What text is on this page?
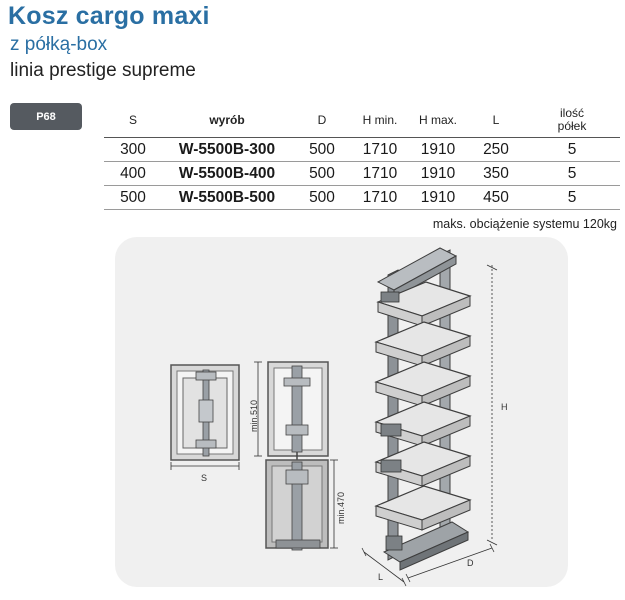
Kosz cargo maxi
z półką-box
linia prestige supreme
P68	S	wyrób	D	H min.	H max.	L	ilość
półek
300	W-5500B-300	500	1710	1910	250	5
400	W-5500B-400	500	1710	1910	350	5
500	W-5500B-500	500	1710	1910	450	5
maks. obciążenie systemu 120kg
S
min.510
min.470
H
L
D
